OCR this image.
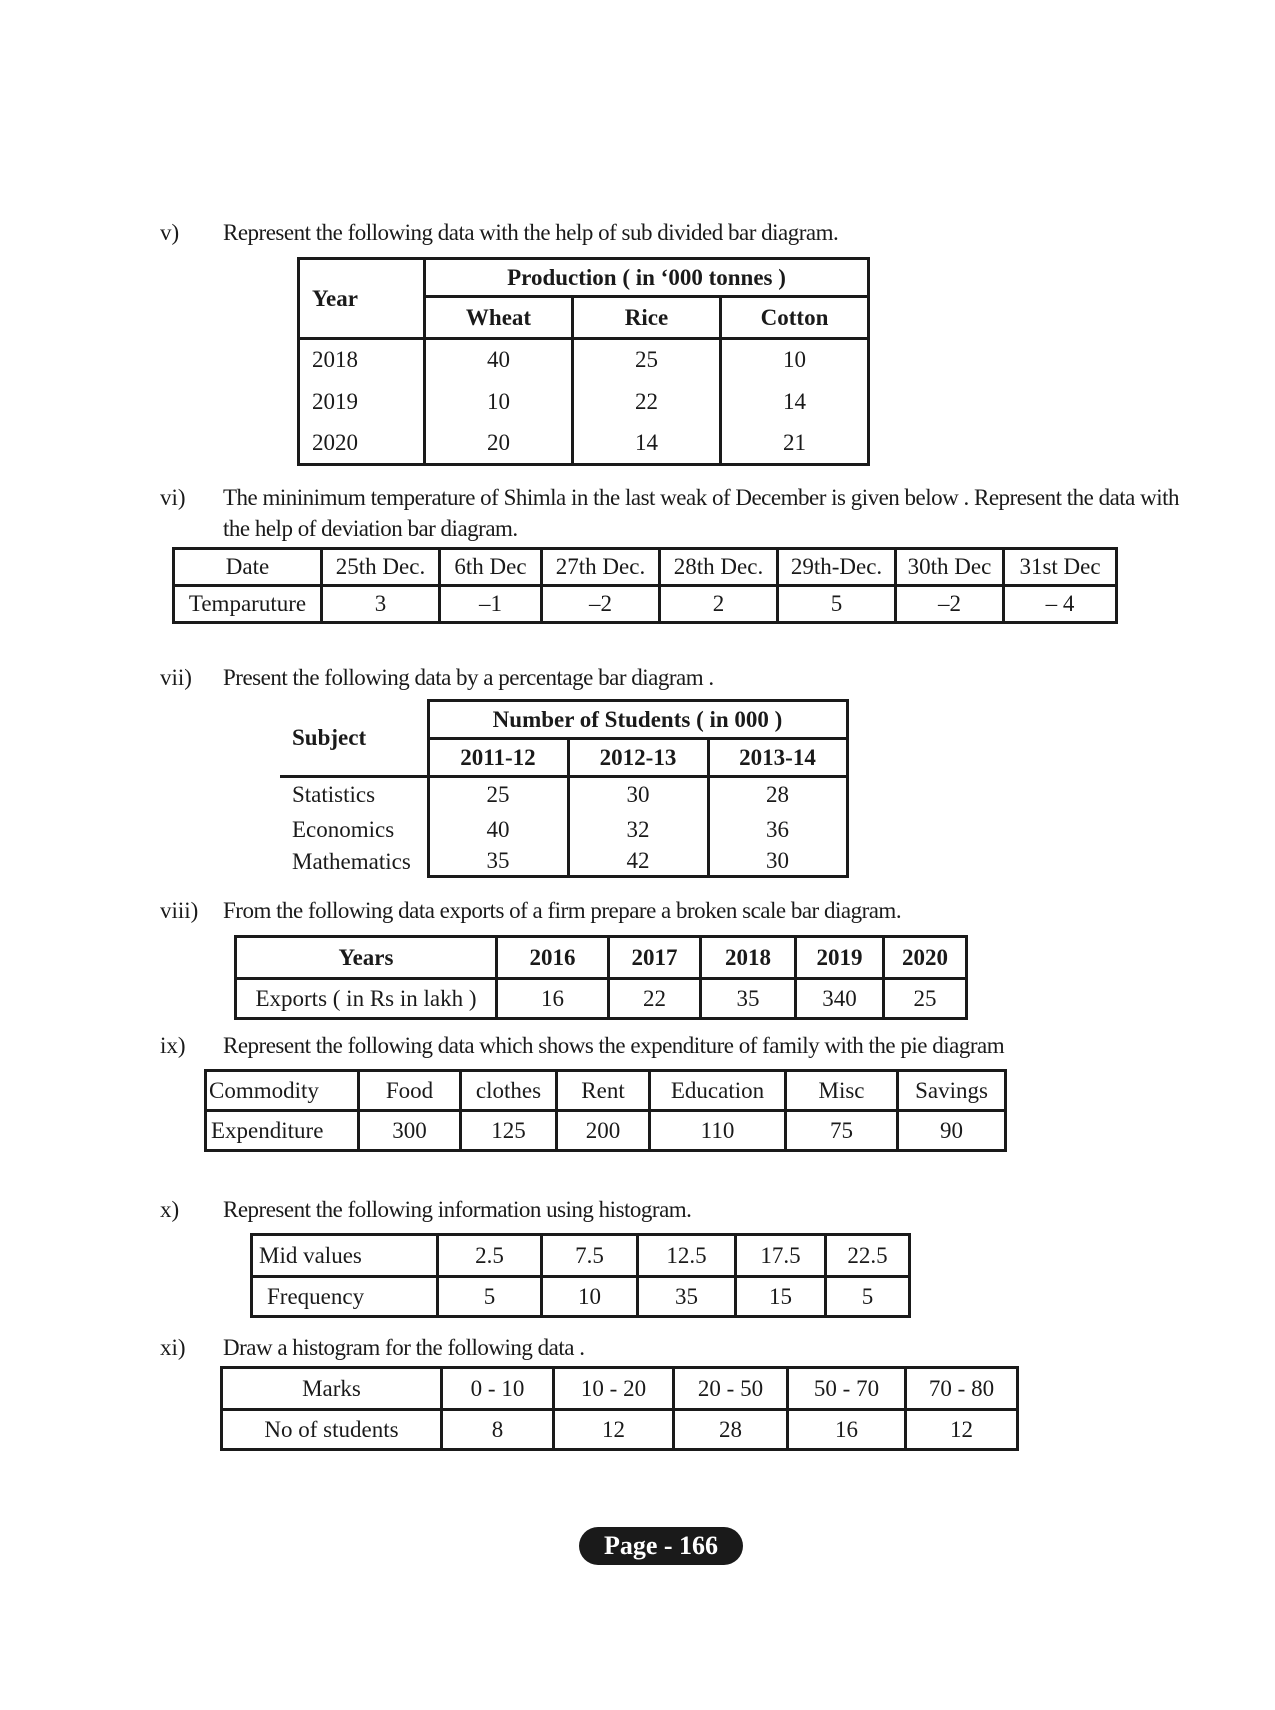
v) Represent the following data with the help of sub divided bar diagram.
Year	Production ( in ‘000 tonnes )		
	Wheat	Rice	Cotton
2018	40	25	10
2019	10	22	14
2020	20	14	21
vi) The mininimum temperature of Shimla in the last weak of December is given below . Represent the data with the help of deviation bar diagram.
Date	25th Dec.	6th Dec	27th Dec.	28th Dec.	29th-Dec.	30th Dec	31st Dec
Temparuture	3	–1	–2	2	5	–2	– 4
vii) Present the following data by a percentage bar diagram .
Subject	Number of Students ( in 000 )		
	2011-12	2012-13	2013-14
Statistics	25	30	28
Economics	40	32	36
Mathematics	35	42	30
viii) From the following data exports of a firm prepare a broken scale bar diagram.
Years	2016	2017	2018	2019	2020
Exports ( in Rs in lakh )	16	22	35	340	25
ix) Represent the following data which shows the expenditure of family with the pie diagram
Commodity	Food	clothes	Rent	Education	Misc	Savings
Expenditure	300	125	200	110	75	90
x) Represent the following information using histogram.
Mid values	2.5	7.5	12.5	17.5	22.5
Frequency	5	10	35	15	5
xi) Draw a histogram for the following data .
Marks	0 - 10	10 - 20	20 - 50	50 - 70	70 - 80
No of students	8	12	28	16	12
Page - 166
